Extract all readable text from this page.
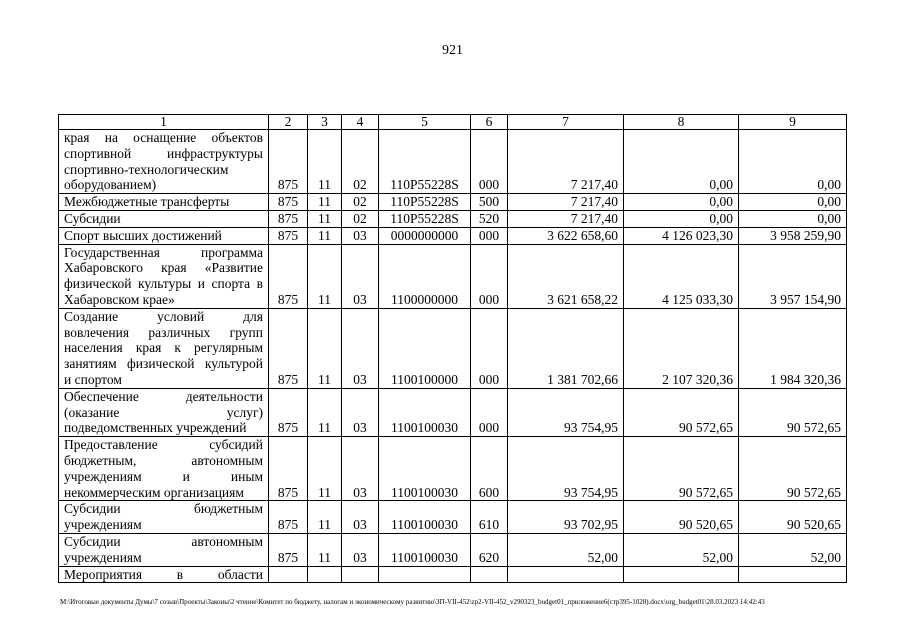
921
1	2	3	4	5	6	7	8	9

края на оснащение объектов
спортивной инфраструктуры
спортивно-технологическим
оборудованием)	875	11	02	110P55228S	000	7 217,40	0,00	0,00

Межбюджетные трансферты	875	11	02	110P55228S	500	7 217,40	0,00	0,00

Субсидии	875	11	02	110P55228S	520	7 217,40	0,00	0,00

Спорт высших достижений	875	11	03	0000000000	000	3 622 658,60	4 126 023,30	3 958 259,90

Государственная программа
Хабаровского края «Развитие
физической культуры и спорта в
Хабаровском крае»	875	11	03	1100000000	000	3 621 658,22	4 125 033,30	3 957 154,90

Создание условий для
вовлечения различных групп
населения края к регулярным
занятиям физической культурой
и спортом	875	11	03	1100100000	000	1 381 702,66	2 107 320,36	1 984 320,36

Обеспечение деятельности
(оказание услуг)
подведомственных учреждений	875	11	03	1100100030	000	93 754,95	90 572,65	90 572,65

Предоставление субсидий
бюджетным, автономным
учреждениям и иным
некоммерческим организациям	875	11	03	1100100030	600	93 754,95	90 572,65	90 572,65

Субсидии бюджетным
учреждениям	875	11	03	1100100030	610	93 702,95	90 520,65	90 520,65

Субсидии автономным
учреждениям	875	11	03	1100100030	620	52,00	52,00	52,00

Мероприятия в области								

M:\Итоговые документы Думы\7 созыв\Проекты\Законы\2 чтение\Комитет по бюджету, налогам и экономическому развитию\ЗП-VII-452\zp2-VII-452_v290323_budget01_приложение6(стр395-1028).docx\org_budget01\28.03.2023 14:42:43
